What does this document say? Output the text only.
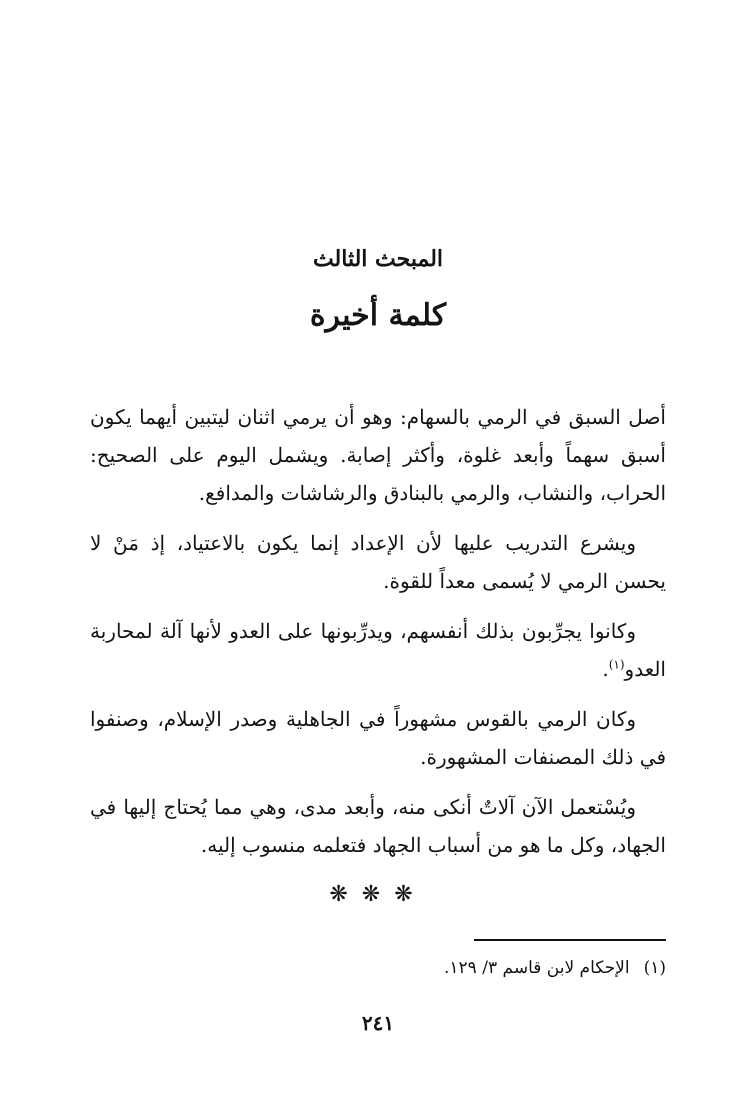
المبحث الثالث
كلمة أخيرة

أصل السبق في الرمي بالسهام: وهو أن يرمي اثنان ليتبين أيهما يكون أسبق سهماً وأبعد غلوة، وأكثر إصابة. ويشمل اليوم على الصحيح: الحراب، والنشاب، والرمي بالبنادق والرشاشات والمدافع.

ويشرع التدريب عليها لأن الإعداد إنما يكون بالاعتياد، إذ مَنْ لا يحسن الرمي لا يُسمى معداً للقوة.

وكانوا يجرِّبون بذلك أنفسهم، ويدرِّبونها على العدو لأنها آلة لمحاربة العدو$^{(١)}$.

وكان الرمي بالقوس مشهوراً في الجاهلية وصدر الإسلام، وصنفوا في ذلك المصنفات المشهورة.

ويُسْتعمل الآن آلاتٌ أنكى منه، وأبعد مدى، وهي مما يُحتاج إليها في الجهاد، وكل ما هو من أسباب الجهاد فتعلمه منسوب إليه.

❋❋❋
(١)الإحكام لابن قاسم ٣/ ١٢٩.
٢٤١
